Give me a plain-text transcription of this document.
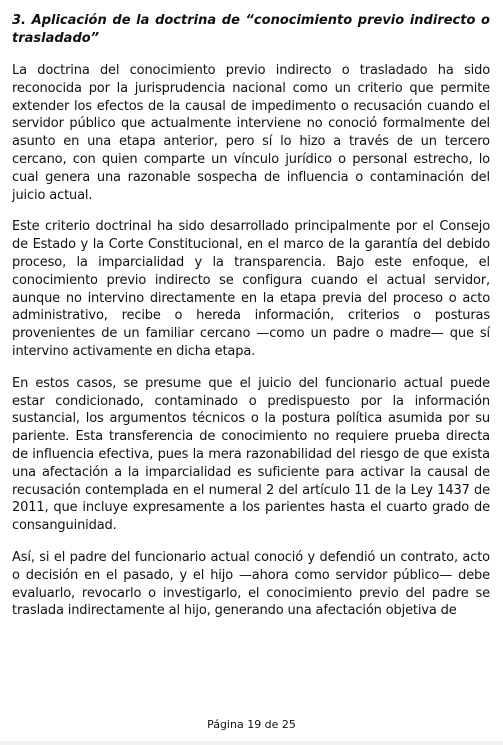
3. Aplicación de la doctrina de “conocimiento previo indirecto o trasladado”

La doctrina del conocimiento previo indirecto o trasladado ha sido reconocida por la jurisprudencia nacional como un criterio que permite extender los efectos de la causal de impedimento o recusación cuando el servidor público que actualmente interviene no conoció formalmente del asunto en una etapa anterior, pero sí lo hizo a través de un tercero cercano, con quien comparte un vínculo jurídico o personal estrecho, lo cual genera una razonable sospecha de influencia o contaminación del juicio actual.

Este criterio doctrinal ha sido desarrollado principalmente por el Consejo de Estado y la Corte Constitucional, en el marco de la garantía del debido proceso, la imparcialidad y la transparencia. Bajo este enfoque, el conocimiento previo indirecto se configura cuando el actual servidor, aunque no intervino directamente en la etapa previa del proceso o acto administrativo, recibe o hereda información, criterios o posturas provenientes de un familiar cercano —como un padre o madre— que sí intervino activamente en dicha etapa.

En estos casos, se presume que el juicio del funcionario actual puede estar condicionado, contaminado o predispuesto por la información sustancial, los argumentos técnicos o la postura política asumida por su pariente. Esta transferencia de conocimiento no requiere prueba directa de influencia efectiva, pues la mera razonabilidad del riesgo de que exista una afectación a la imparcialidad es suficiente para activar la causal de recusación contemplada en el numeral 2 del artículo 11 de la Ley 1437 de 2011, que incluye expresamente a los parientes hasta el cuarto grado de consanguinidad.

Así, si el padre del funcionario actual conoció y defendió un contrato, acto o decisión en el pasado, y el hijo —ahora como servidor público— debe evaluarlo, revocarlo o investigarlo, el conocimiento previo del padre se traslada indirectamente al hijo, generando una afectación objetiva de

Página 19 de 25
